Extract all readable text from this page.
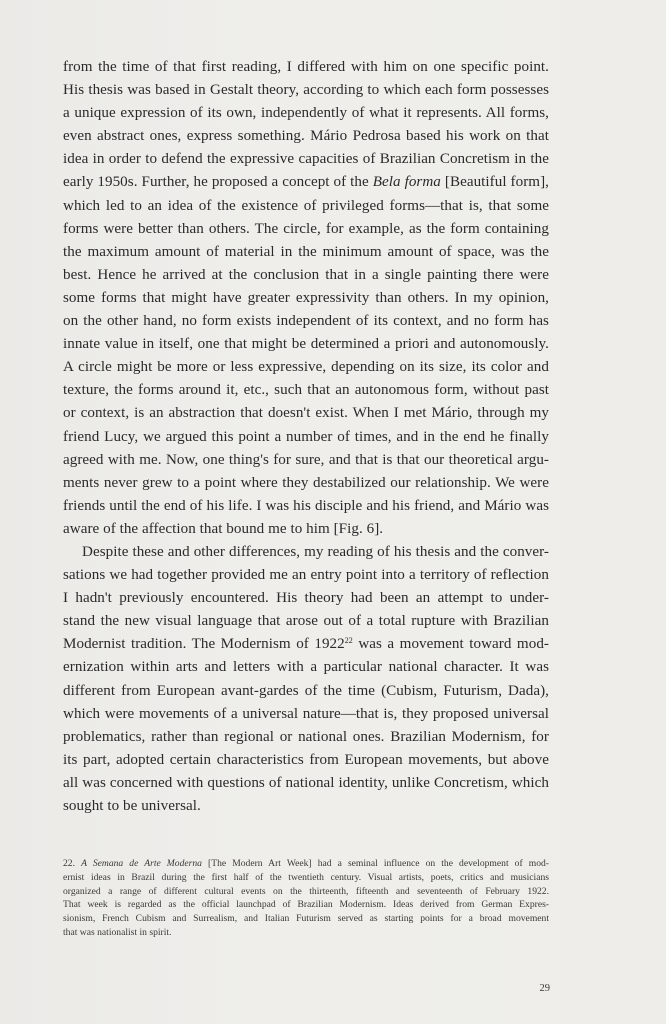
from the time of that first reading, I differed with him on one specific point.
His thesis was based in Gestalt theory, according to which each form possesses
a unique expression of its own, independently of what it represents. All forms,
even abstract ones, express something. Mário Pedrosa based his work on that
idea in order to defend the expressive capacities of Brazilian Concretism in the
early 1950s. Further, he proposed a concept of the Bela forma [Beautiful form],
which led to an idea of the existence of privileged forms—that is, that some
forms were better than others. The circle, for example, as the form containing
the maximum amount of material in the minimum amount of space, was the
best. Hence he arrived at the conclusion that in a single painting there were
some forms that might have greater expressivity than others. In my opinion,
on the other hand, no form exists independent of its context, and no form has
innate value in itself, one that might be determined a priori and autonomously.
A circle might be more or less expressive, depending on its size, its color and
texture, the forms around it, etc., such that an autonomous form, without past
or context, is an abstraction that doesn't exist. When I met Mário, through my
friend Lucy, we argued this point a number of times, and in the end he finally
agreed with me. Now, one thing's for sure, and that is that our theoretical argu-
ments never grew to a point where they destabilized our relationship. We were
friends until the end of his life. I was his disciple and his friend, and Mário was
aware of the affection that bound me to him [Fig. 6].
Despite these and other differences, my reading of his thesis and the conver-
sations we had together provided me an entry point into a territory of reflection
I hadn't previously encountered. His theory had been an attempt to under-
stand the new visual language that arose out of a total rupture with Brazilian
Modernist tradition. The Modernism of 1922$^{22}$ was a movement toward mod-
ernization within arts and letters with a particular national character. It was
different from European avant-gardes of the time (Cubism, Futurism, Dada),
which were movements of a universal nature—that is, they proposed universal
problematics, rather than regional or national ones. Brazilian Modernism, for
its part, adopted certain characteristics from European movements, but above
all was concerned with questions of national identity, unlike Concretism, which
sought to be universal.
22. A Semana de Arte Moderna [The Modern Art Week] had a seminal influence on the development of mod-
ernist ideas in Brazil during the first half of the twentieth century. Visual artists, poets, critics and musicians
organized a range of different cultural events on the thirteenth, fifteenth and seventeenth of February 1922.
That week is regarded as the official launchpad of Brazilian Modernism. Ideas derived from German Expres-
sionism, French Cubism and Surrealism, and Italian Futurism served as starting points for a broad movement
that was nationalist in spirit.
29
